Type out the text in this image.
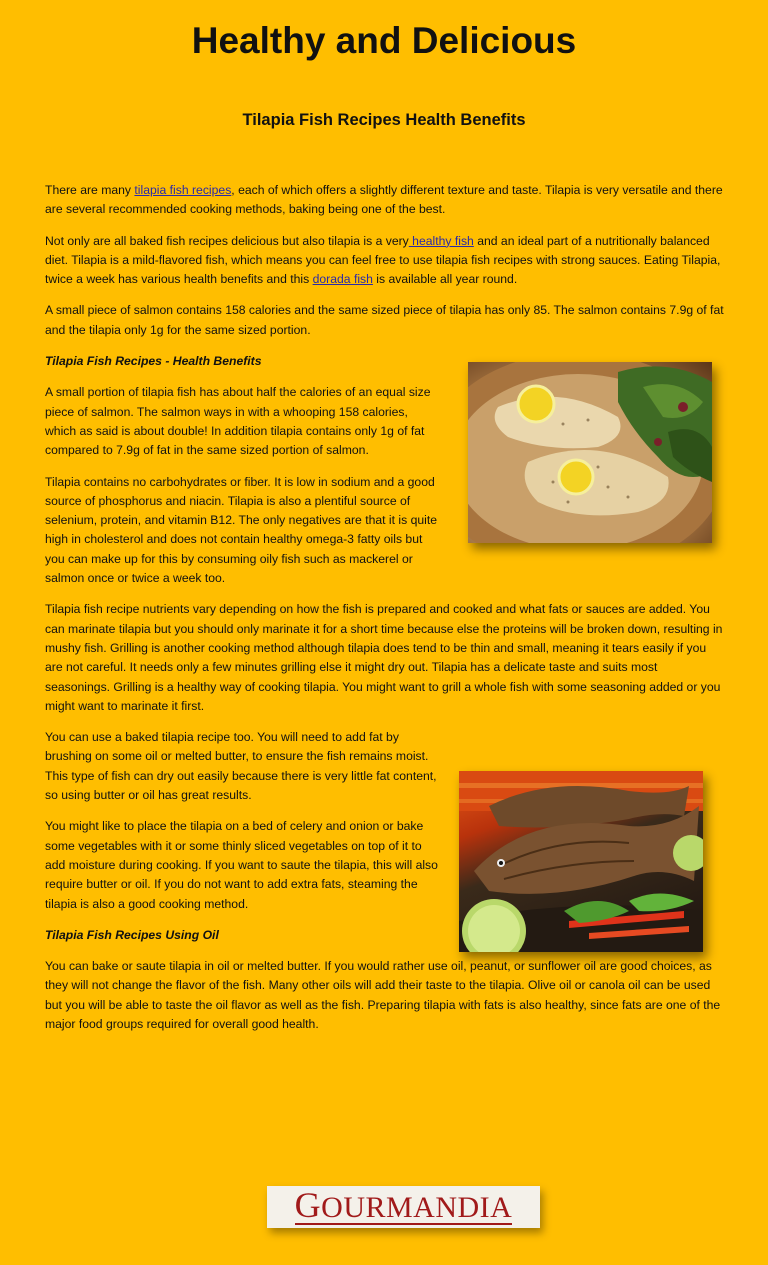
Healthy and Delicious
Tilapia Fish Recipes Health Benefits

There are many tilapia fish recipes, each of which offers a slightly different texture and taste. Tilapia is very versatile and there are several recommended cooking methods, baking being one of the best.

Not only are all baked fish recipes delicious but also tilapia is a very healthy fish and an ideal part of a nutritionally balanced diet. Tilapia is a mild-flavored fish, which means you can feel free to use tilapia fish recipes with strong sauces. Eating Tilapia, twice a week has various health benefits and this dorada fish is available all year round.

A small piece of salmon contains 158 calories and the same sized piece of tilapia has only 85. The salmon contains 7.9g of fat and the tilapia only 1g for the same sized portion.

Tilapia Fish Recipes - Health Benefits

A small portion of tilapia fish has about half the calories of an equal size piece of salmon. The salmon ways in with a whooping 158 calories, which as said is about double! In addition tilapia contains only 1g of fat compared to 7.9g of fat in the same sized portion of salmon.

Tilapia contains no carbohydrates or fiber. It is low in sodium and a good source of phosphorus and niacin. Tilapia is also a plentiful source of selenium, protein, and vitamin B12. The only negatives are that it is quite high in cholesterol and does not contain healthy omega-3 fatty oils but you can make up for this by consuming oily fish such as mackerel or salmon once or twice a week too.

Tilapia fish recipe nutrients vary depending on how the fish is prepared and cooked and what fats or sauces are added. You can marinate tilapia but you should only marinate it for a short time because else the proteins will be broken down, resulting in mushy fish. Grilling is another cooking method although tilapia does tend to be thin and small, meaning it tears easily if you are not careful. It needs only a few minutes grilling else it might dry out. Tilapia has a delicate taste and suits most seasonings. Grilling is a healthy way of cooking tilapia. You might want to grill a whole fish with some seasoning added or you might want to marinate it first.

You can use a baked tilapia recipe too. You will need to add fat by brushing on some oil or melted butter, to ensure the fish remains moist. This type of fish can dry out easily because there is very little fat content, so using butter or oil has great results.

You might like to place the tilapia on a bed of celery and onion or bake some vegetables with it or some thinly sliced vegetables on top of it to add moisture during cooking. If you want to saute the tilapia, this will also require butter or oil. If you do not want to add extra fats, steaming the tilapia is also a good cooking method.

Tilapia Fish Recipes Using Oil

You can bake or saute tilapia in oil or melted butter. If you would rather use oil, peanut, or sunflower oil are good choices, as they will not change the flavor of the fish. Many other oils will add their taste to the tilapia. Olive oil or canola oil can be used but you will be able to taste the oil flavor as well as the fish. Preparing tilapia with fats is also healthy, since fats are one of the major food groups required for overall good health.

GOURMANDIA
